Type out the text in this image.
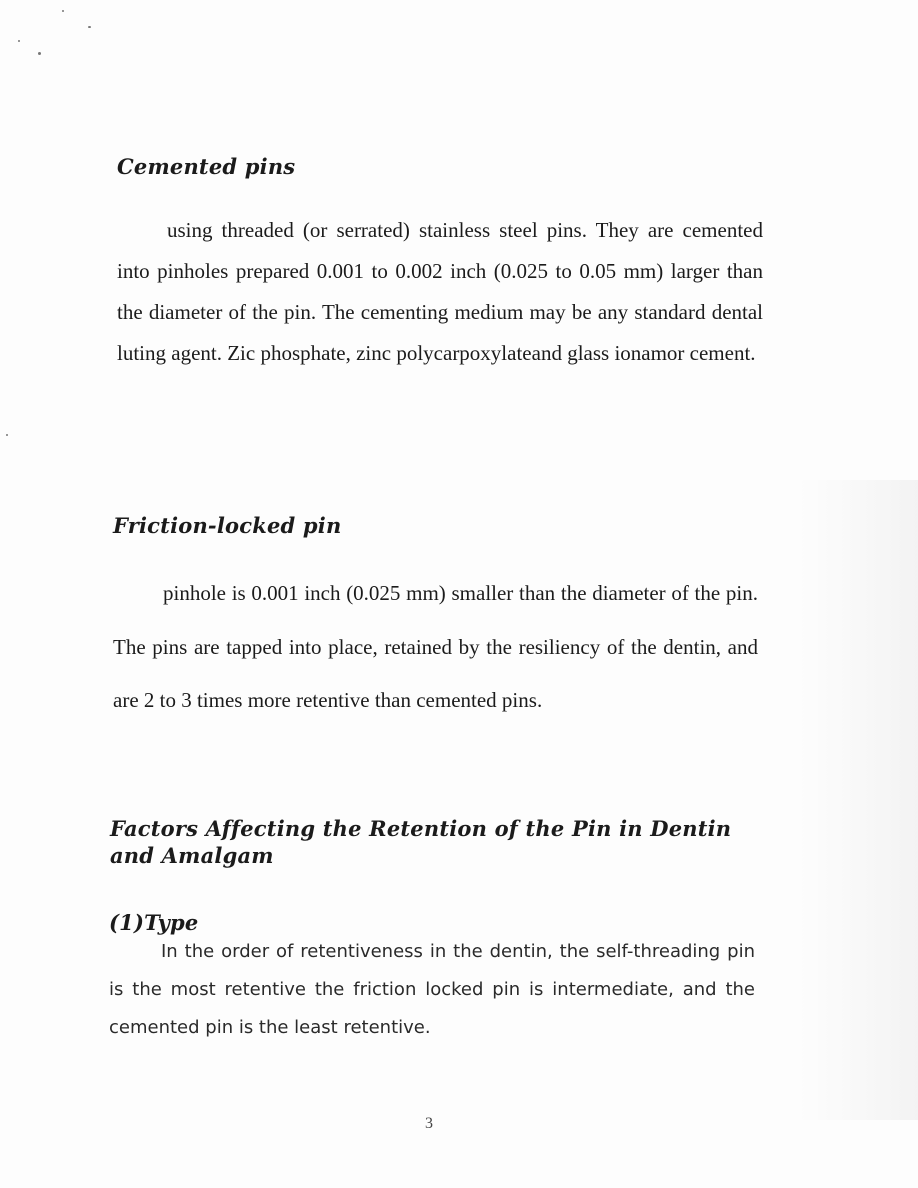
Cemented pins

using threaded (or serrated) stainless steel pins. They are cemented into pinholes prepared 0.001 to 0.002 inch (0.025 to 0.05 mm) larger than the diameter of the pin. The cementing medium may be any standard dental luting agent. Zic phosphate, zinc polycarpoxylateand glass ionamor cement.

Friction-locked pin

pinhole is 0.001 inch (0.025 mm) smaller than the diameter of the pin. The pins are tapped into place, retained by the resiliency of the dentin, and are 2 to 3 times more retentive than cemented pins.

Factors Affecting the Retention of the Pin in Dentin
and Amalgam
(1)Type

In the order of retentiveness in the dentin, the self-threading pin is the most retentive the friction locked pin is intermediate, and the cemented pin is the least retentive.

3
